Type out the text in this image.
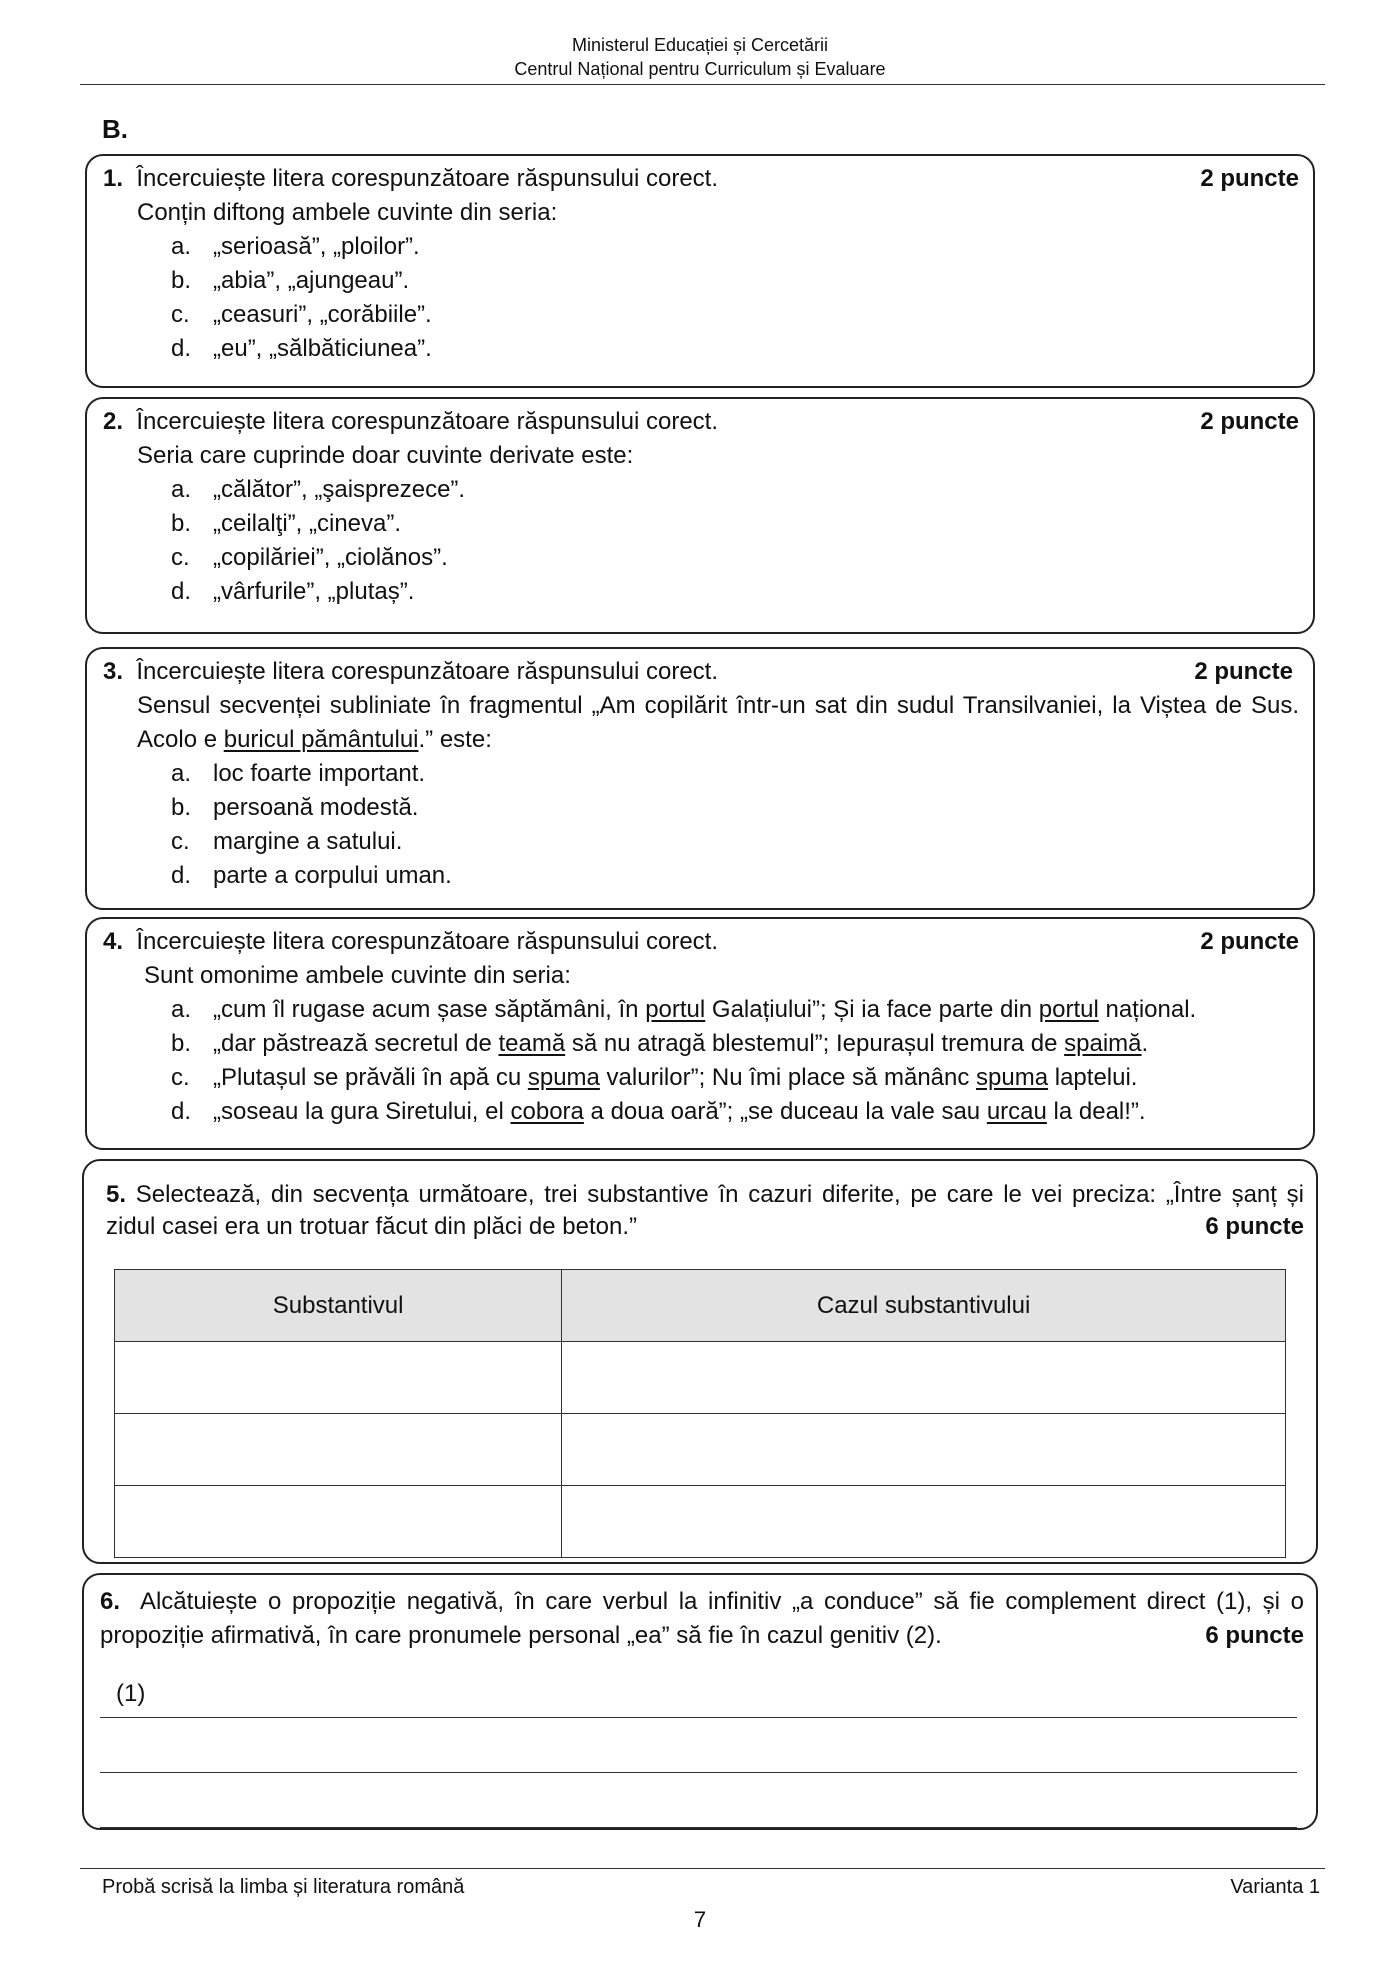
Ministerul Educației și Cercetării
Centrul Național pentru Curriculum și Evaluare
B.
1. Încercuiește litera corespunzătoare răspunsului corect.	2 puncte
Conțin diftong ambele cuvinte din seria:
a. „serioasă”, „ploilor”.
b. „abia”, „ajungeau”.
c. „ceasuri”, „corăbiile”.
d. „eu”, „sălbăticiunea”.
2. Încercuiește litera corespunzătoare răspunsului corect.	2 puncte
Seria care cuprinde doar cuvinte derivate este:
a. „călător”, „şaisprezece”.
b. „ceilalţi”, „cineva”.
c. „copilăriei”, „ciolănos”.
d. „vârfurile”, „plutaș”.
3. Încercuiește litera corespunzătoare răspunsului corect.	2 puncte
Sensul secvenței subliniate în fragmentul „Am copilărit într-un sat din sudul Transilvaniei, la Viștea de Sus. Acolo e buricul pământului.” este:
a. loc foarte important.
b. persoană modestă.
c. margine a satului.
d. parte a corpului uman.
4. Încercuiește litera corespunzătoare răspunsului corect.	2 puncte
Sunt omonime ambele cuvinte din seria:
a. „cum îl rugase acum șase săptămâni, în portul Galațiului”; Și ia face parte din portul național.
b. „dar păstrează secretul de teamă să nu atragă blestemul”; Iepurașul tremura de spaimă.
c. „Plutașul se prăvăli în apă cu spuma valurilor”; Nu îmi place să mănânc spuma laptelui.
d. „soseau la gura Siretului, el cobora a doua oară”; „se duceau la vale sau urcau la deal!”.
5. Selectează, din secvența următoare, trei substantive în cazuri diferite, pe care le vei preciza: „Între șanț și zidul casei era un trotuar făcut din plăci de beton.”	6 puncte
Substantivul	Cazul substantivului

6. Alcătuiește o propoziție negativă, în care verbul la infinitiv „a conduce” să fie complement direct (1), și o propoziție afirmativă, în care pronumele personal „ea” să fie în cazul genitiv (2).	6 puncte
(1)
Probă scrisă la limba și literatura română	Varianta 1
7
